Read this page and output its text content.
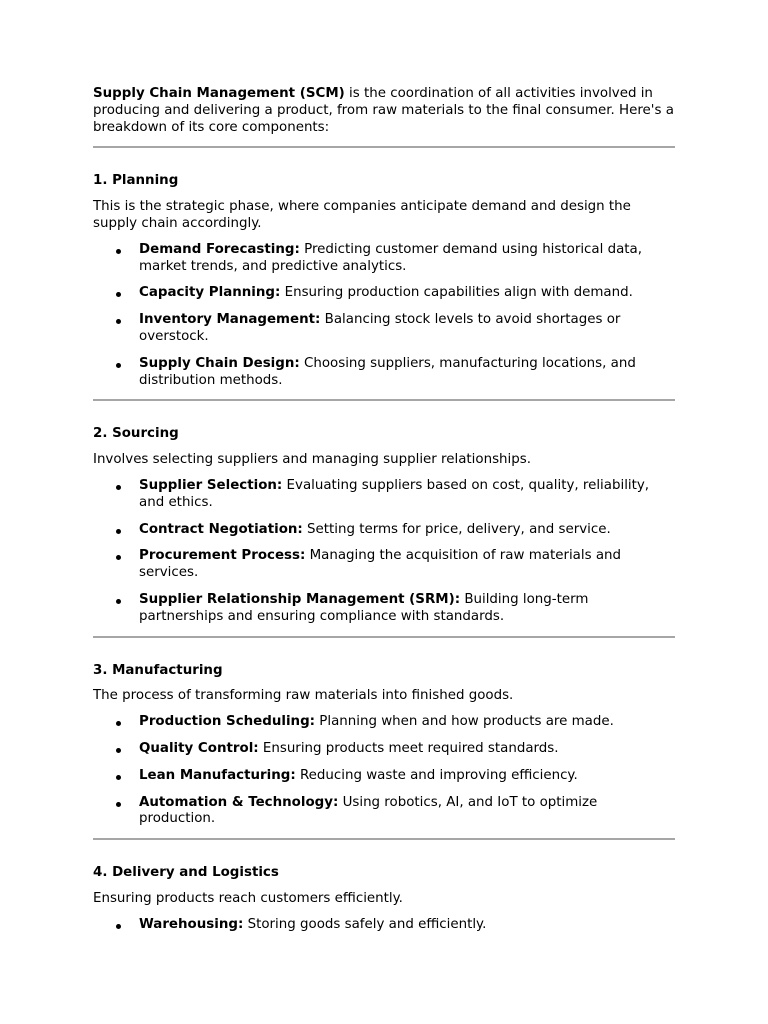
Supply Chain Management (SCM) is the coordination of all activities involved in producing and delivering a product, from raw materials to the final consumer. Here's a breakdown of its core components:

1. Planning

This is the strategic phase, where companies anticipate demand and design the supply chain accordingly.

Demand Forecasting: Predicting customer demand using historical data, market trends, and predictive analytics.
Capacity Planning: Ensuring production capabilities align with demand.
Inventory Management: Balancing stock levels to avoid shortages or overstock.
Supply Chain Design: Choosing suppliers, manufacturing locations, and distribution methods.
2. Sourcing

Involves selecting suppliers and managing supplier relationships.

Supplier Selection: Evaluating suppliers based on cost, quality, reliability, and ethics.
Contract Negotiation: Setting terms for price, delivery, and service.
Procurement Process: Managing the acquisition of raw materials and services.
Supplier Relationship Management (SRM): Building long-term partnerships and ensuring compliance with standards.
3. Manufacturing

The process of transforming raw materials into finished goods.

Production Scheduling: Planning when and how products are made.
Quality Control: Ensuring products meet required standards.
Lean Manufacturing: Reducing waste and improving efficiency.
Automation & Technology: Using robotics, AI, and IoT to optimize production.
4. Delivery and Logistics

Ensuring products reach customers efficiently.

Warehousing: Storing goods safely and efficiently.
